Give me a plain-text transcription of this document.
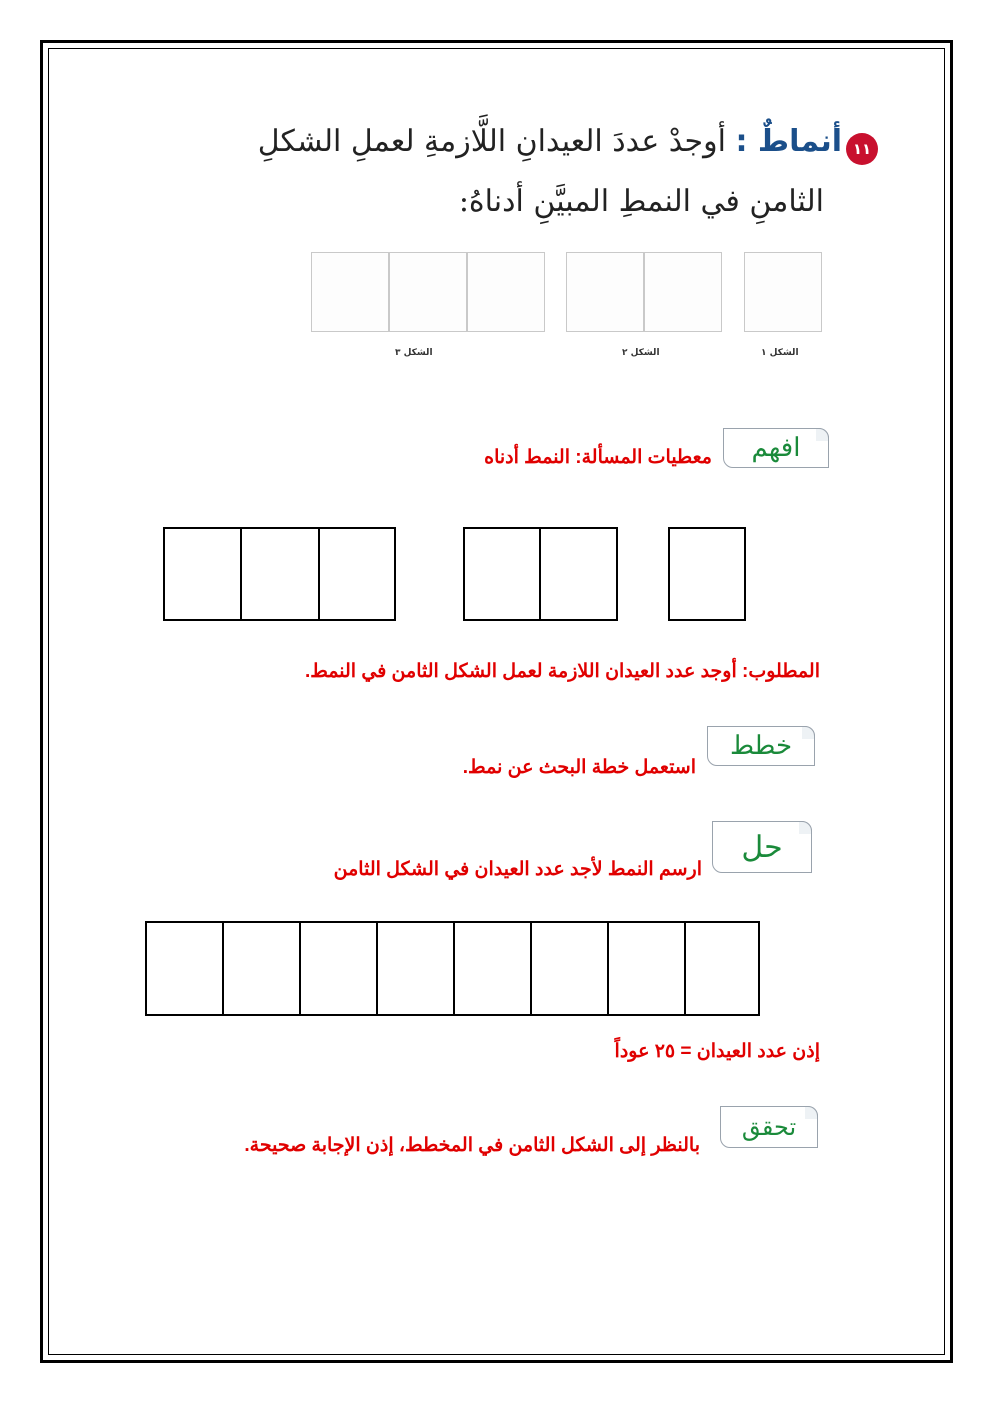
١١
أنماطٌ : أوجدْ عددَ العيدانِ اللَّازمةِ لعملِ الشكلِ
الثامنِ في النمطِ المبيَّنِ أدناهُ:
الشكل ١
الشكل ٢
الشكل ٣
افهم
معطيات المسألة: النمط أدناه
المطلوب: أوجد عدد العيدان اللازمة لعمل الشكل الثامن في النمط.
خطط
استعمل خطة البحث عن نمط.
حل
ارسم النمط لأجد عدد العيدان في الشكل الثامن
إذن عدد العيدان = ٢٥ عوداً
تحقق
بالنظر إلى الشكل الثامن في المخطط، إذن الإجابة صحيحة.
